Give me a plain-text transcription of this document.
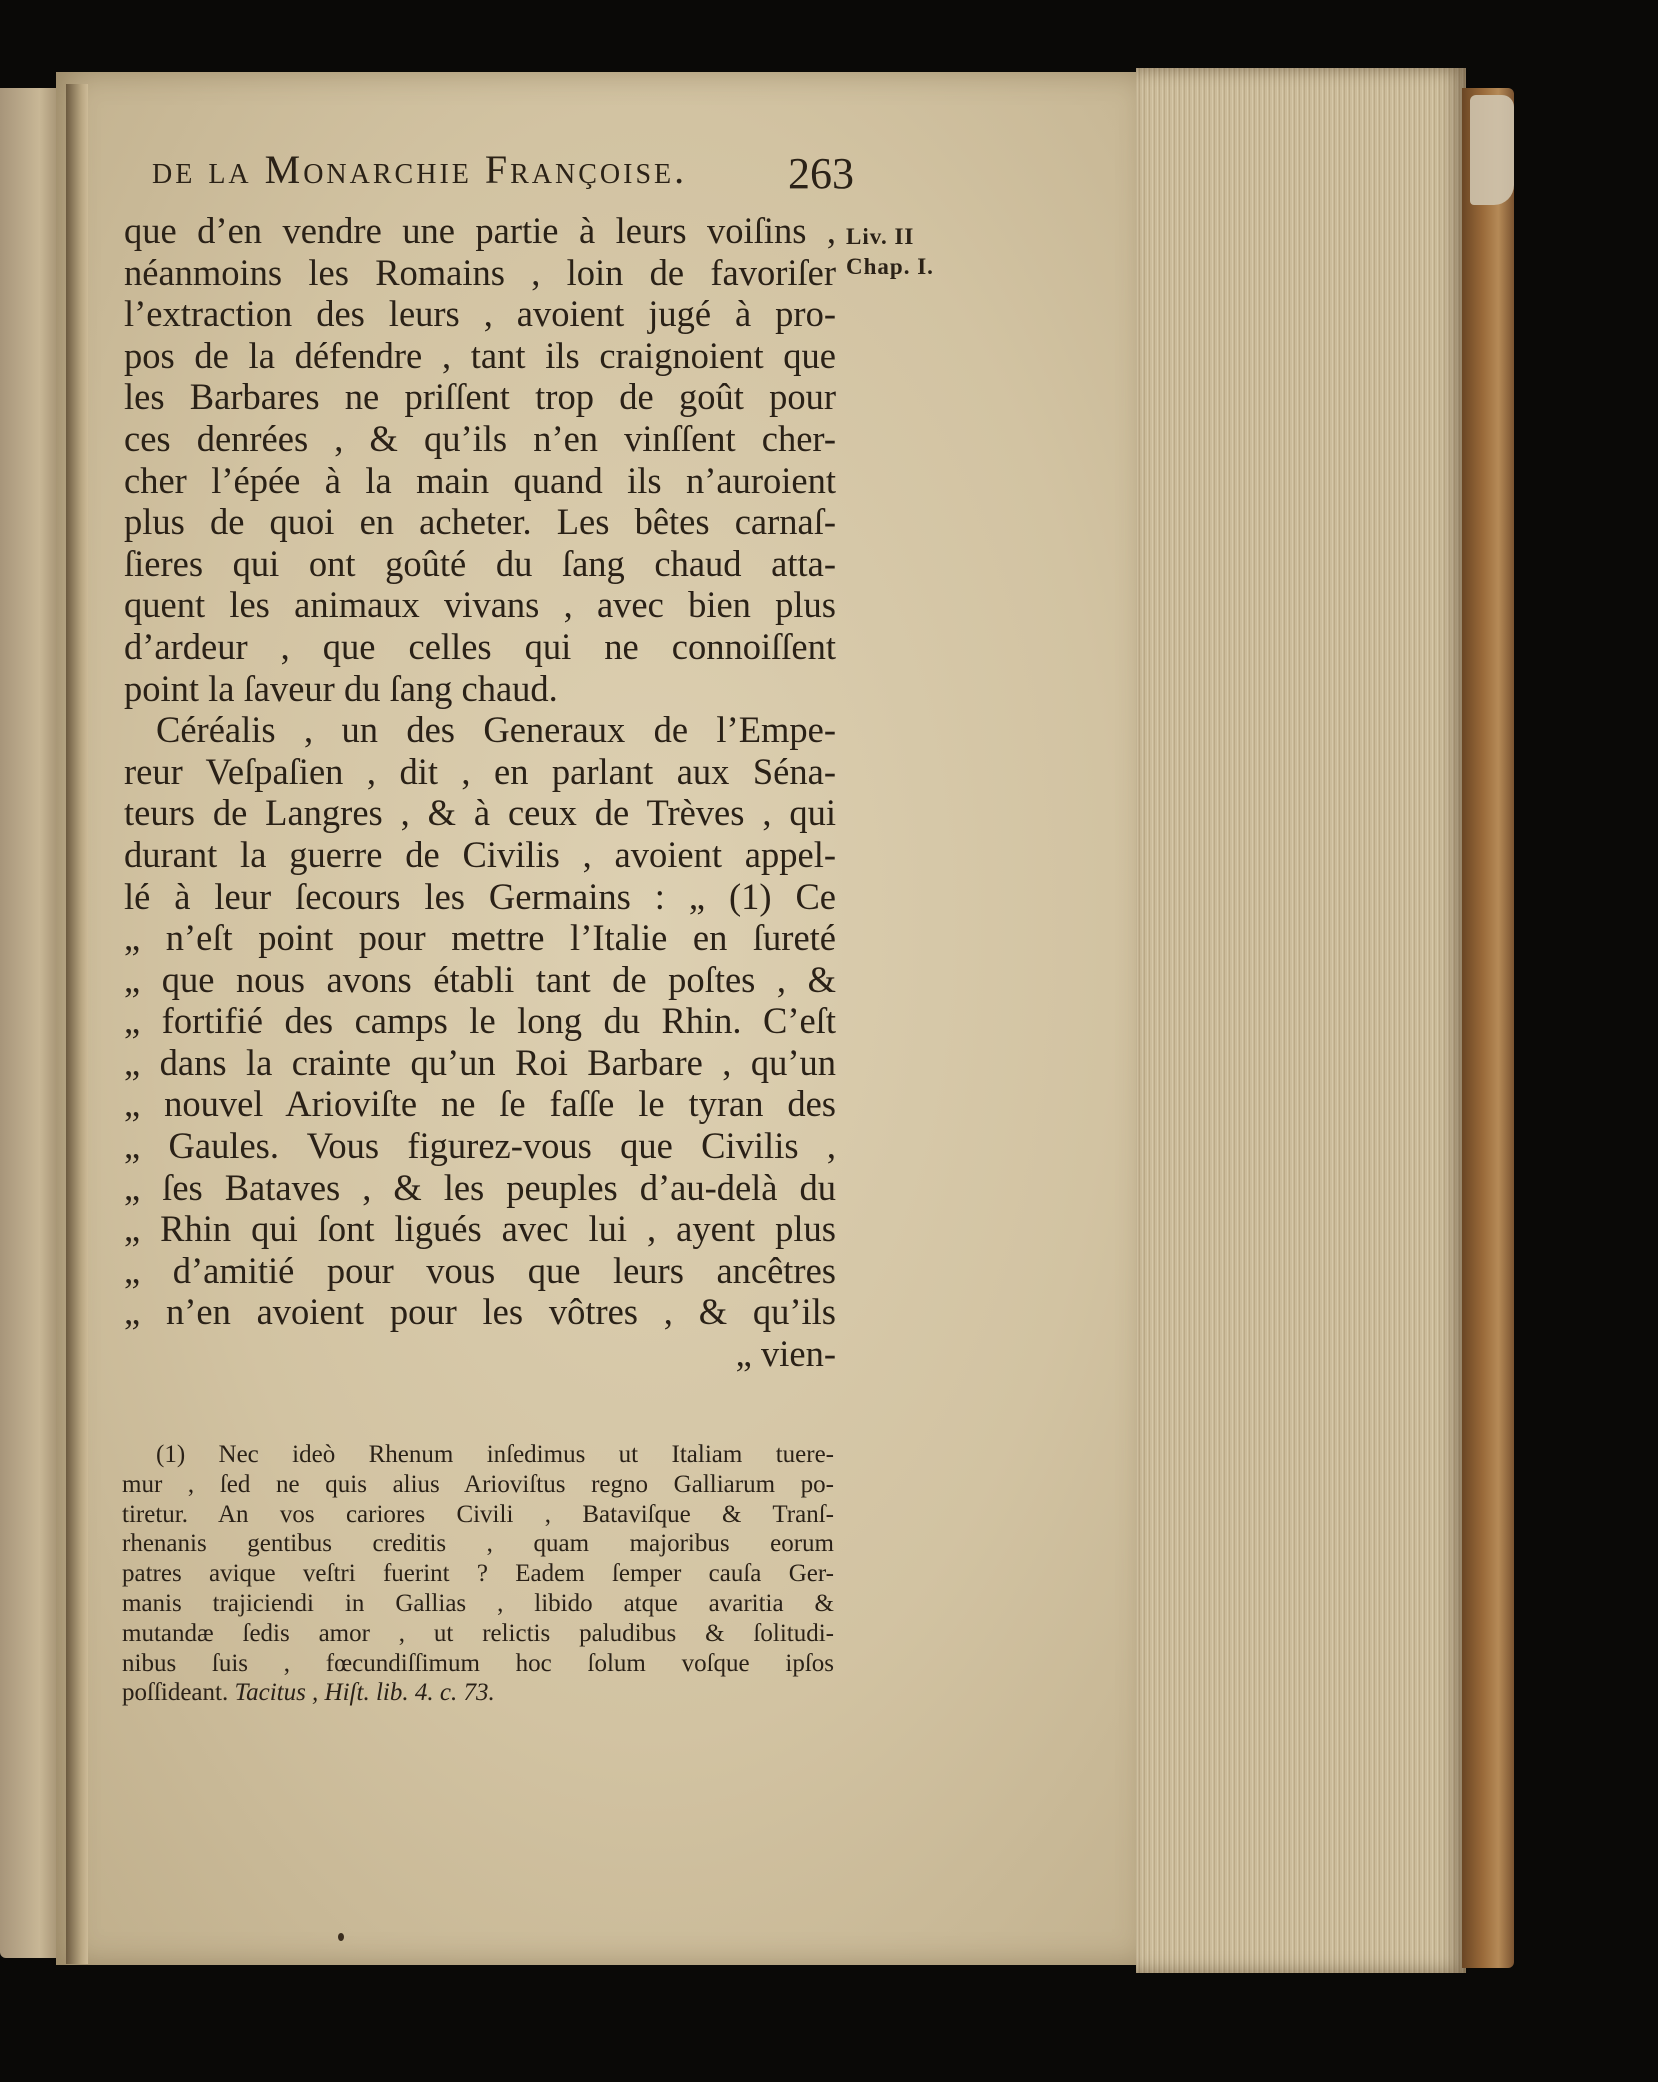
de la Monarchie Françoise. 263
Liv. II
Chap. I.
que d’en vendre une partie à leurs voiſins ,
néanmoins les Romains , loin de favoriſer
l’extraction des leurs , avoient jugé à pro-
pos de la défendre , tant ils craignoient que
les Barbares ne priſſent trop de goût pour
ces denrées , & qu’ils n’en vinſſent cher-
cher l’épée à la main quand ils n’auroient
plus de quoi en acheter. Les bêtes carnaſ-
ſieres qui ont goûté du ſang chaud atta-
quent les animaux vivans , avec bien plus
d’ardeur , que celles qui ne connoiſſent
point la ſaveur du ſang chaud.
Céréalis , un des Generaux de l’Empe-
reur Veſpaſien , dit , en parlant aux Séna-
teurs de Langres , & à ceux de Trèves , qui
durant la guerre de Civilis , avoient appel-
lé à leur ſecours les Germains : „ (1) Ce
„ n’eſt point pour mettre l’Italie en ſureté
„ que nous avons établi tant de poſtes , &
„ fortifié des camps le long du Rhin. C’eſt
„ dans la crainte qu’un Roi Barbare , qu’un
„ nouvel Arioviſte ne ſe faſſe le tyran des
„ Gaules. Vous figurez-vous que Civilis ,
„ ſes Bataves , & les peuples d’au-delà du
„ Rhin qui ſont ligués avec lui , ayent plus
„ d’amitié pour vous que leurs ancêtres
„ n’en avoient pour les vôtres , & qu’ils
„ vien-
(1) Nec ideò Rhenum inſedimus ut Italiam tuere-
mur , ſed ne quis alius Arioviſtus regno Galliarum po-
tiretur. An vos cariores Civili , Bataviſque & Tranſ-
rhenanis gentibus creditis , quam majoribus eorum
patres avique veſtri fuerint ? Eadem ſemper cauſa Ger-
manis trajiciendi in Gallias , libido atque avaritia &
mutandæ ſedis amor , ut relictis paludibus & ſolitudi-
nibus ſuis , fœcundiſſimum hoc ſolum voſque ipſos
poſſideant. Tacitus , Hiſt. lib. 4. c. 73.
